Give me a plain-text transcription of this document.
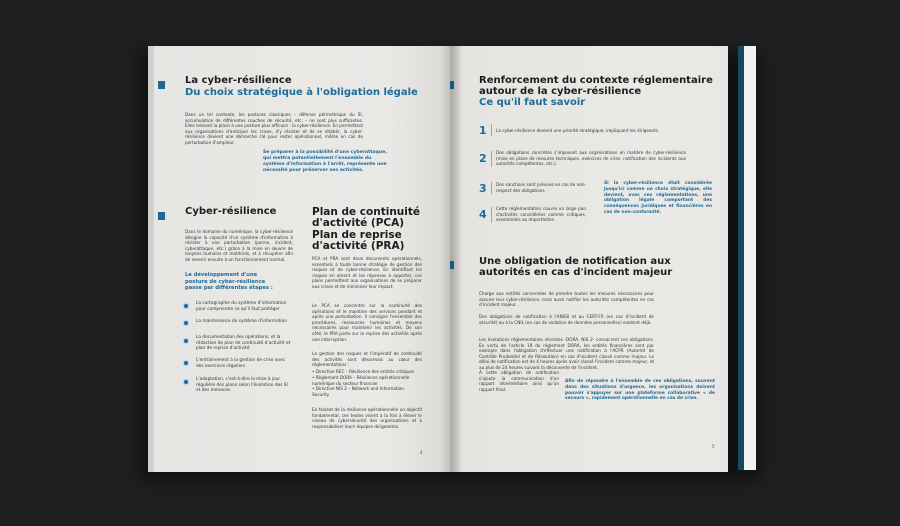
La cyber-résilience
Du choix stratégique à l'obligation légale
Dans un tel contexte, les postures classiques – défense périmétrique du SI, accumulation de différentes couches de sécurité, etc. – ne sont plus suffisantes. Elles laissent la place à une posture plus efficace : la cyber-résilience. En permettant aux organisations d'anticiper les crises, d'y résister et de se rétablir, la cyber-résilience devient une démarche clé pour rester opérationnel, même en cas de perturbation d'ampleur.
Se préparer à la possibilité d'une cyberattaque, qui mettra potentiellement l'ensemble du système d'information à l'arrêt, représente une nécessité pour préserver ses activités.
Cyber-résilience
Dans le domaine du numérique, la cyber-résilience désigne la capacité d'un système d'information à résister à une perturbation (panne, incident, cyberattaque, etc.) grâce à la mise en œuvre de moyens humains et matériels, et à récupérer afin de revenir ensuite à un fonctionnement normal.
Le développement d'une posture de cyber-résilience passe par différentes étapes :
La cartographie du système d'information pour comprendre ce qu'il faut protéger
La maintenance du système d'information
La documentation des opérations, et la rédaction de plan de continuité d'activité et plan de reprise d'activité
L'entraînement à la gestion de crise avec des exercices réguliers
L'adaptation, c'est-à-dire la mise à jour régulière des plans selon l'évolution des SI et des menaces.
Plan de continuité d'activité (PCA)
Plan de reprise d'activité (PRA)
PCA et PRA sont deux documents opérationnels, essentiels à toute bonne stratégie de gestion des risques et de cyber-résilience. En identifiant les risques en amont et les réponses à apporter, ces plans permettent aux organisations de se préparer aux crises et de minimiser leur impact.
Le PCA se concentre sur la continuité des opérations et le maintien des services pendant et après une perturbation. Il consigne l'ensemble des procédures, ressources humaines et moyens nécessaires pour maintenir les activités. De son côté, le PRA porte sur la reprise des activités après une interruption.
La gestion des risques et l'impératif de continuité des activités sont désormais au cœur des réglementations :
• Directive REC – Résilience des entités critiques
• Règlement DORA – Résilience opérationnelle numérique du secteur financier
• Directive NIS 2 – Network and Information Security
En faisant de la résilience opérationnelle un objectif fondamental, ces textes visent à la fois à élever le niveau de cybersécurité des organisations et à responsabiliser leurs équipes dirigeantes.
4
Renforcement du contexte réglementaire autour de la cyber-résilience
Ce qu'il faut savoir
1 La cyber-résilience devient une priorité stratégique, impliquant les dirigeants.
2 Des obligations concrètes s'imposent aux organisations en matière de cyber-résilience (mise en place de mesures techniques, exercices de crise, notification des incidents aux autorités compétentes, etc.).
3 Des sanctions sont prévues en cas de non-respect des obligations.
4 Cette réglementation couvre un large pan d'activités considérées comme critiques, essentielles ou importantes.
Si la cyber-résilience était considérée jusqu'ici comme un choix stratégique, elle devient, avec ces réglementations, une obligation légale comportant des conséquences juridiques et financières en cas de non-conformité.
Une obligation de notification aux autorités en cas d'incident majeur
Charge aux entités concernées de prendre toutes les mesures nécessaires pour assurer leur cyber-résilience, mais aussi notifier les autorités compétentes en cas d'incident majeur.
Des obligations de notification à l'ANSSI et au CERT-FR (en cas d'incident de sécurité) ou à la CNIL (en cas de violation de données personnelles) existent déjà.
Les évolutions réglementaires récentes -DORA, NIS 2- consacrent ces obligations. En vertu de l'article 19 du règlement DORA, les entités financières sont par exemple dans l'obligation d'effectuer une notification à l'ACPR (Autorité de Contrôle Prudentiel et de Résolution) en cas d'incident classé comme majeur. Le délai de notification est de 4 heures après avoir classé l'incident comme majeur, et au plus de 24 heures suivant la découverte de l'incident.
À cette obligation de notification s'ajoute la communication d'un rapport intermédiaire ainsi qu'un rapport final.
Afin de répondre à l'ensemble de ces obligations, souvent dans des situations d'urgence, les organisations doivent pouvoir s'appuyer sur une plateforme collaborative « de secours », rapidement opérationnelle en cas de crise.
5
